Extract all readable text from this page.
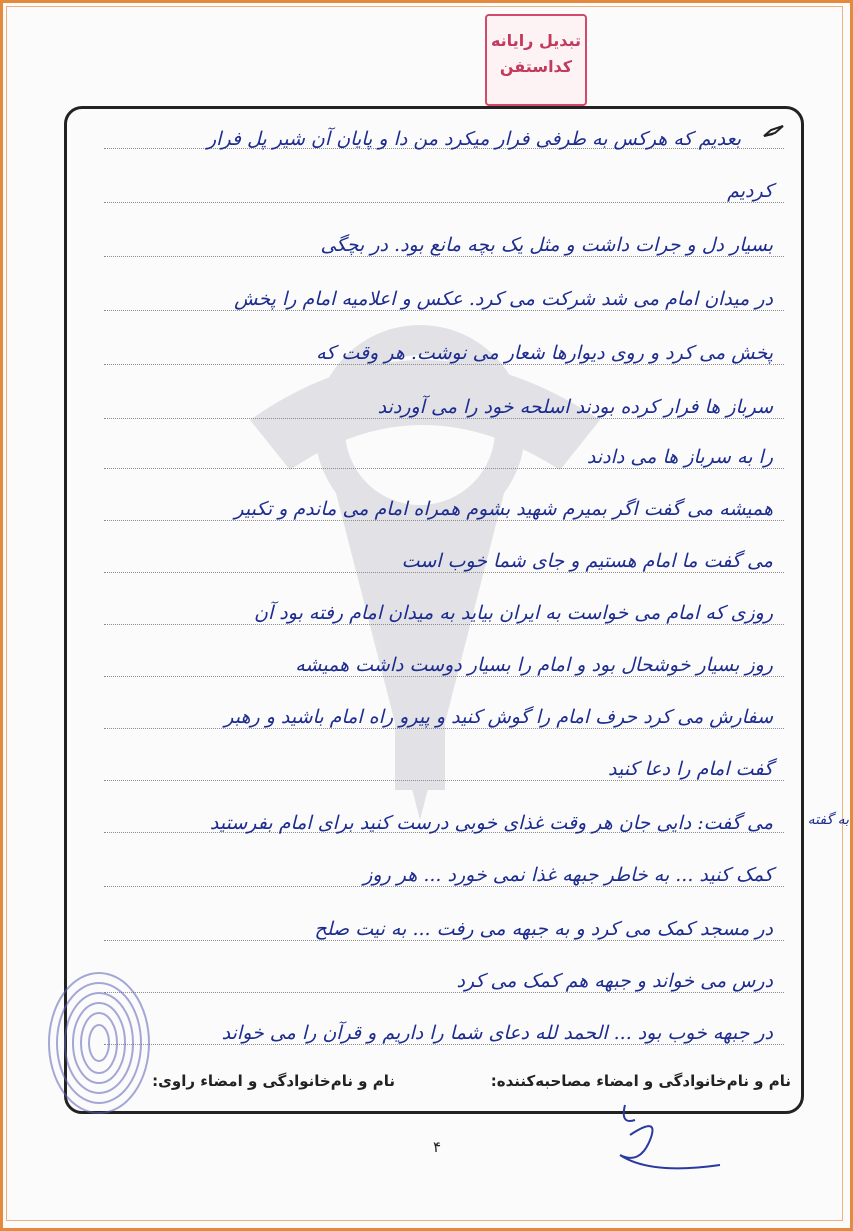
تبدیل رایانه
کداستفن
بعدیم که هرکس به طرفی فرار میکرد من دا و پایان آن شیر پل فرار
کردیم
بسیار دل و جرات داشت و مثل یک بچه مانع بود. در بچگی
در میدان امام می شد شرکت می کرد. عکس و اعلامیه امام را پخش
پخش می کرد و روی دیوارها شعار می نوشت. هر وقت که
سرباز ها فرار کرده بودند اسلحه خود را می آوردند
را به سرباز ها می دادند
همیشه می گفت اگر بمیرم شهید بشوم همراه امام می ماندم و تکبیر
می گفت ما امام هستیم و جای شما خوب است
روزی که امام می خواست به ایران بیاید به میدان امام رفته بود آن
روز بسیار خوشحال بود و امام را بسیار دوست داشت همیشه
سفارش می کرد حرف امام را گوش کنید و پیرو راه امام باشید و رهبر
گفت امام را دعا کنید
می گفت: دایی جان هر وقت غذای خوبی درست کنید برای امام بفرستید
کمک کنید ... به خاطر جبهه غذا نمی خورد ... هر روز
در مسجد کمک می کرد و به جبهه می رفت ... به نیت صلح
درس می خواند و جبهه هم کمک می کرد
در جبهه خوب بود ... الحمد لله دعای شما را داریم و قرآن را می خواند
به گفته
نام و نام‌خانوادگی و امضاء مصاحبه‌کننده:
نام و نام‌خانوادگی و امضاء راوی:
۴
